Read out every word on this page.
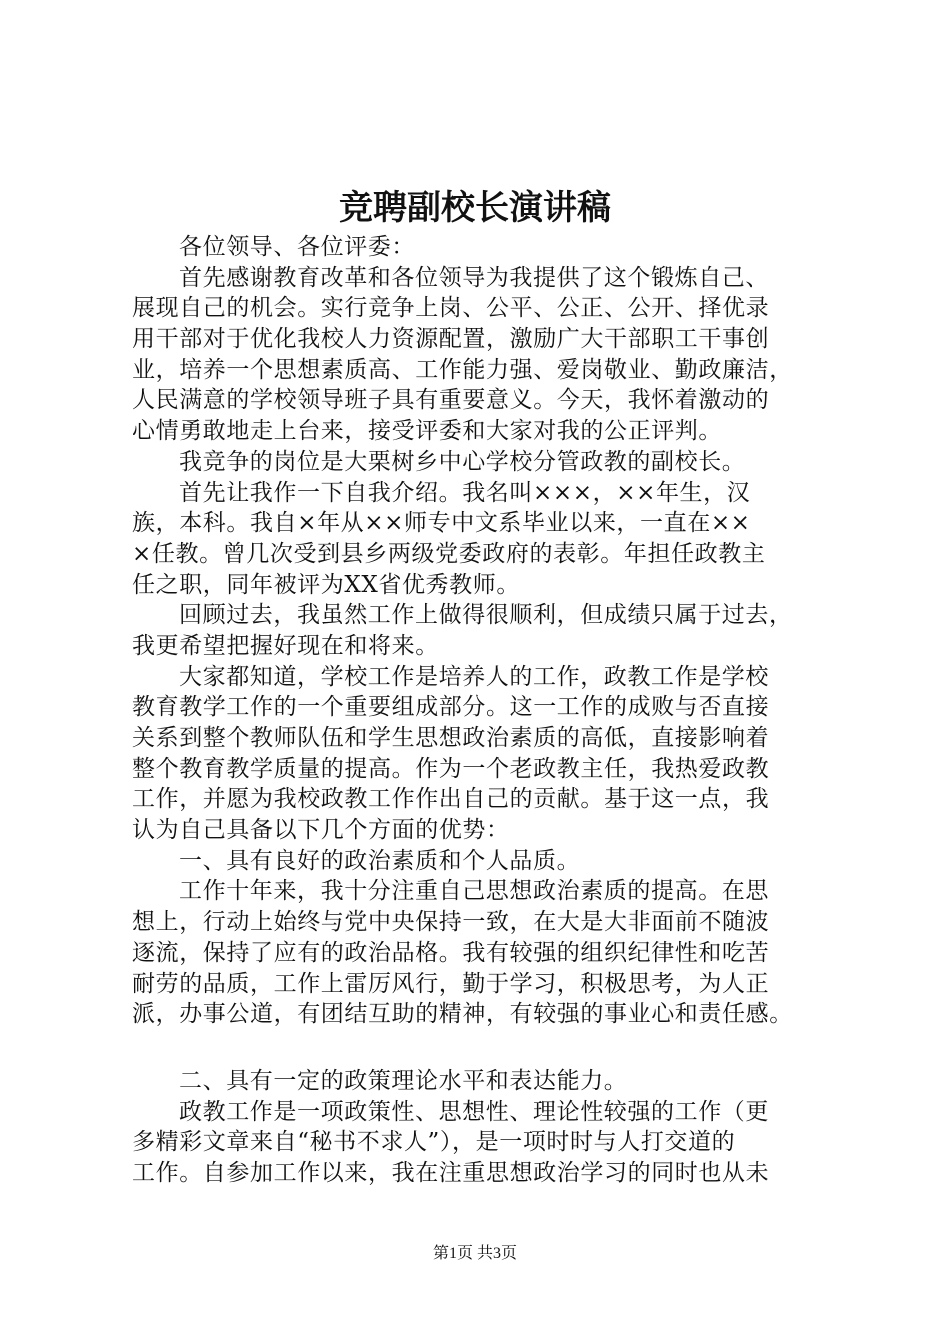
竞聘副校长演讲稿
各位领导、各位评委：
首先感谢教育改革和各位领导为我提供了这个锻炼自己、
展现自己的机会。实行竞争上岗、公平、公正、公开、择优录
用干部对于优化我校人力资源配置，激励广大干部职工干事创
业，培养一个思想素质高、工作能力强、爱岗敬业、勤政廉洁，
人民满意的学校领导班子具有重要意义。今天，我怀着激动的
心情勇敢地走上台来，接受评委和大家对我的公正评判。
我竞争的岗位是大栗树乡中心学校分管政教的副校长。
首先让我作一下自我介绍。我名叫×××，××年生，汉
族，本科。我自×年从××师专中文系毕业以来，一直在××
×任教。曾几次受到县乡两级党委政府的表彰。年担任政教主
任之职，同年被评为XX省优秀教师。
回顾过去，我虽然工作上做得很顺利，但成绩只属于过去，
我更希望把握好现在和将来。
大家都知道，学校工作是培养人的工作，政教工作是学校
教育教学工作的一个重要组成部分。这一工作的成败与否直接
关系到整个教师队伍和学生思想政治素质的高低，直接影响着
整个教育教学质量的提高。作为一个老政教主任，我热爱政教
工作，并愿为我校政教工作作出自己的贡献。基于这一点，我
认为自己具备以下几个方面的优势：
一、具有良好的政治素质和个人品质。
工作十年来，我十分注重自己思想政治素质的提高。在思
想上，行动上始终与党中央保持一致，在大是大非面前不随波
逐流，保持了应有的政治品格。我有较强的组织纪律性和吃苦
耐劳的品质，工作上雷厉风行，勤于学习，积极思考，为人正
派，办事公道，有团结互助的精神，有较强的事业心和责任感。
二、具有一定的政策理论水平和表达能力。
政教工作是一项政策性、思想性、理论性较强的工作（更
多精彩文章来自“秘书不求人”），是一项时时与人打交道的
工作。自参加工作以来，我在注重思想政治学习的同时也从未
第1页 共3页
